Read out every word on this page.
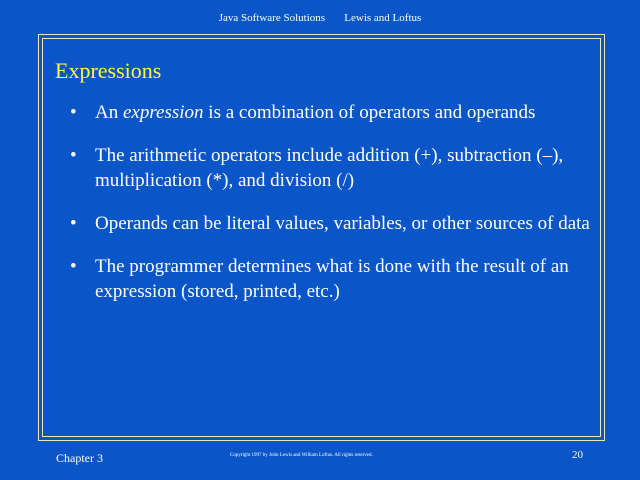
Java Software Solutions Lewis and Loftus
Expressions
• An expression is a combination of operators and operands
• The arithmetic operators include addition (+), subtraction (–), multiplication (*), and division (/)
• Operands can be literal values, variables, or other sources of data
• The programmer determines what is done with the result of an expression (stored, printed, etc.)
Chapter 3	Copyright 1997 by John Lewis and William Loftus. All rights reserved.	20
